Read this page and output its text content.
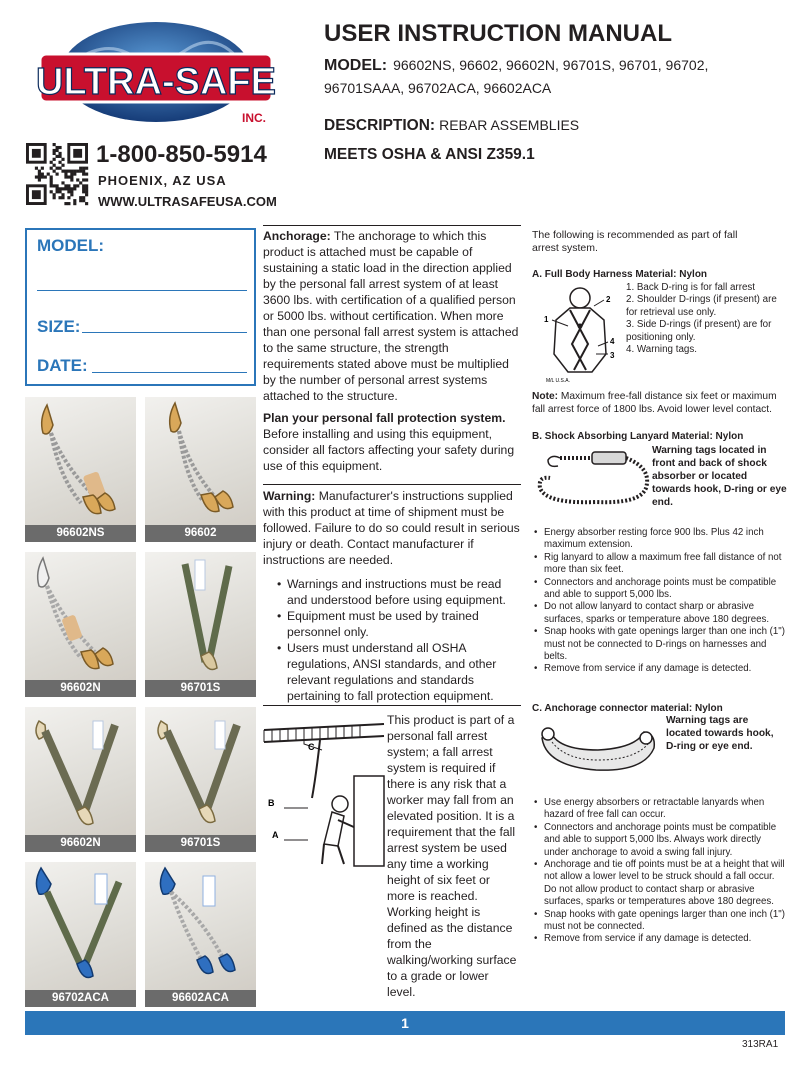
ULTRA-SAFE
INC.
USER INSTRUCTION MANUAL
MODEL: 96602NS, 96602, 96602N, 96701S, 96701, 96702, 96701SAAA, 96702ACA, 96602ACA
DESCRIPTION: REBAR ASSEMBLIES
MEETS OSHA & ANSI Z359.1
1-800-850-5914
PHOENIX, AZ USA
WWW.ULTRASAFEUSA.COM
MODEL:
SIZE:
DATE:
96602NS	96602
96602N	96701S
96602N	96701S
96702ACA	96602ACA
Anchorage: The anchorage to which this product is attached must be capable of sustaining a static load in the direction applied by the personal fall arrest system of at least 3600 lbs. with certification of a qualified person or 5000 lbs. without certification. When more than one personal fall arrest system is attached to the same structure, the strength requirements stated above must be multiplied by the number of personal arrest systems attached to the structure.
Plan your personal fall protection system.
Before installing and using this equipment, consider all factors affecting your safety during use of this equipment.
Warning: Manufacturer's instructions supplied with this product at time of shipment must be followed. Failure to do so could result in serious injury or death. Contact manufacturer if instructions are needed.
• Warnings and instructions must be read and understood before using equipment.
• Equipment must be used by trained personnel only.
• Users must understand all OSHA regulations, ANSI standards, and other relevant regulations and standards pertaining to fall protection equipment.
C
B
A
This product is part of a personal fall arrest system; a fall arrest system is required if there is any risk that a worker may fall from an elevated position. It is a requirement that the fall arrest system be used any time a working height of six feet or more is reached. Working height is defined as the distance from the walking/working surface to a grade or lower level.
The following is recommended as part of fall arrest system.
A. Full Body Harness Material: Nylon
1
2
3
4
M/L U.S.A.
1. Back D-ring is for fall arrest
2. Shoulder D-rings (if present) are for retrieval use only.
3. Side D-rings (if present) are for positioning only.
4. Warning tags.
Note: Maximum free-fall distance six feet or maximum fall arrest force of 1800 lbs. Avoid lower level contact.
B. Shock Absorbing Lanyard Material: Nylon
Warning tags located in front and back of shock absorber or located towards hook, D-ring or eye end.
• Energy absorber resting force 900 lbs. Plus 42 inch maximum extension.
• Rig lanyard to allow a maximum free fall distance of not more than six feet.
• Connectors and anchorage points must be compatible and able to support 5,000 lbs.
• Do not allow lanyard to contact sharp or abrasive surfaces, sparks or temperature above 180 degrees.
• Snap hooks with gate openings larger than one inch (1") must not be connected to D-rings on harnesses and belts.
• Remove from service if any damage is detected.
C. Anchorage connector material: Nylon
Warning tags are located towards hook, D-ring or eye end.
• Use energy absorbers or retractable lanyards when hazard of free fall can occur.
• Connectors and anchorage points must be compatible and able to support 5,000 lbs. Always work directly under anchorage to avoid a swing fall injury.
• Anchorage and tie off points must be at a height that will not allow a lower level to be struck should a fall occur. Do not allow product to contact sharp or abrasive surfaces, sparks or temperatures above 180 degrees.
• Snap hooks with gate openings larger than one inch (1") must not be connected.
• Remove from service if any damage is detected.
1
313RA1
